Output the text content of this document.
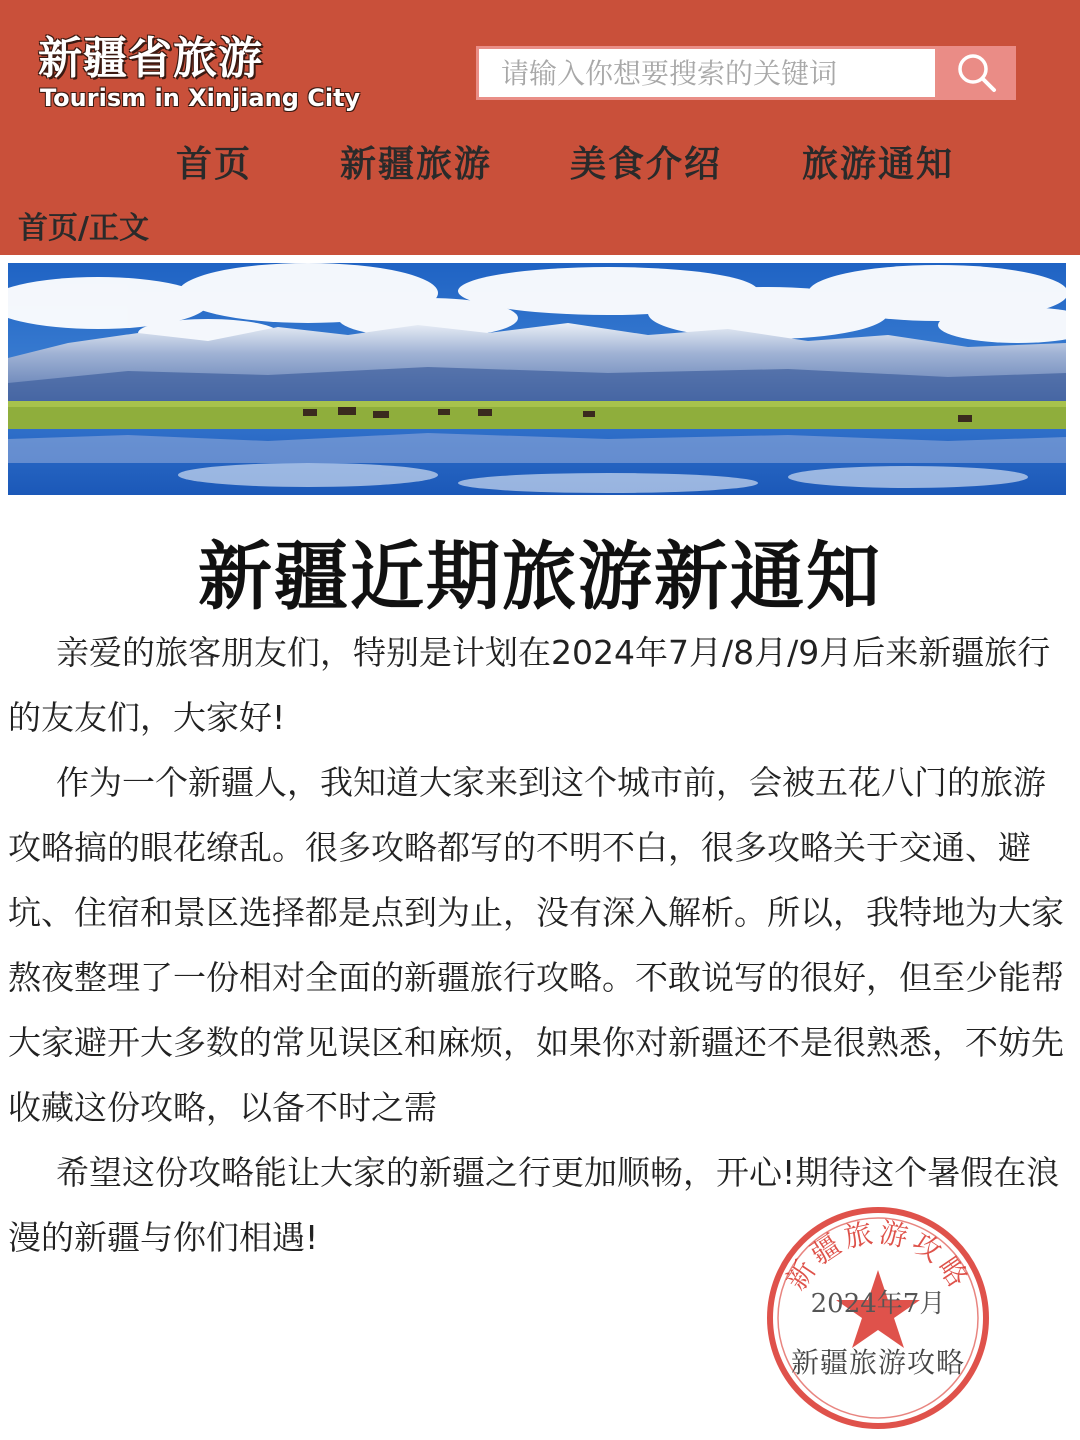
新疆省旅游
Tourism in Xinjiang City
请输入你想要搜索的关键词
首页 新疆旅游 美食介绍 旅游通知
首页/正文
新疆近期旅游新通知

亲爱的旅客朋友们，特别是计划在2024年7月/8月/9月后来新疆旅行的友友们，大家好!

作为一个新疆人，我知道大家来到这个城市前，会被五花八门的旅游攻略搞的眼花缭乱。很多攻略都写的不明不白，很多攻略关于交通、避坑、住宿和景区选择都是点到为止，没有深入解析。所以，我特地为大家熬夜整理了一份相对全面的新疆旅行攻略。不敢说写的很好，但至少能帮大家避开大多数的常见误区和麻烦，如果你对新疆还不是很熟悉，不妨先收藏这份攻略，以备不时之需

希望这份攻略能让大家的新疆之行更加顺畅，开心!期待这个暑假在浪漫的新疆与你们相遇!

新疆旅游攻略
2024年7月
新疆旅游攻略
